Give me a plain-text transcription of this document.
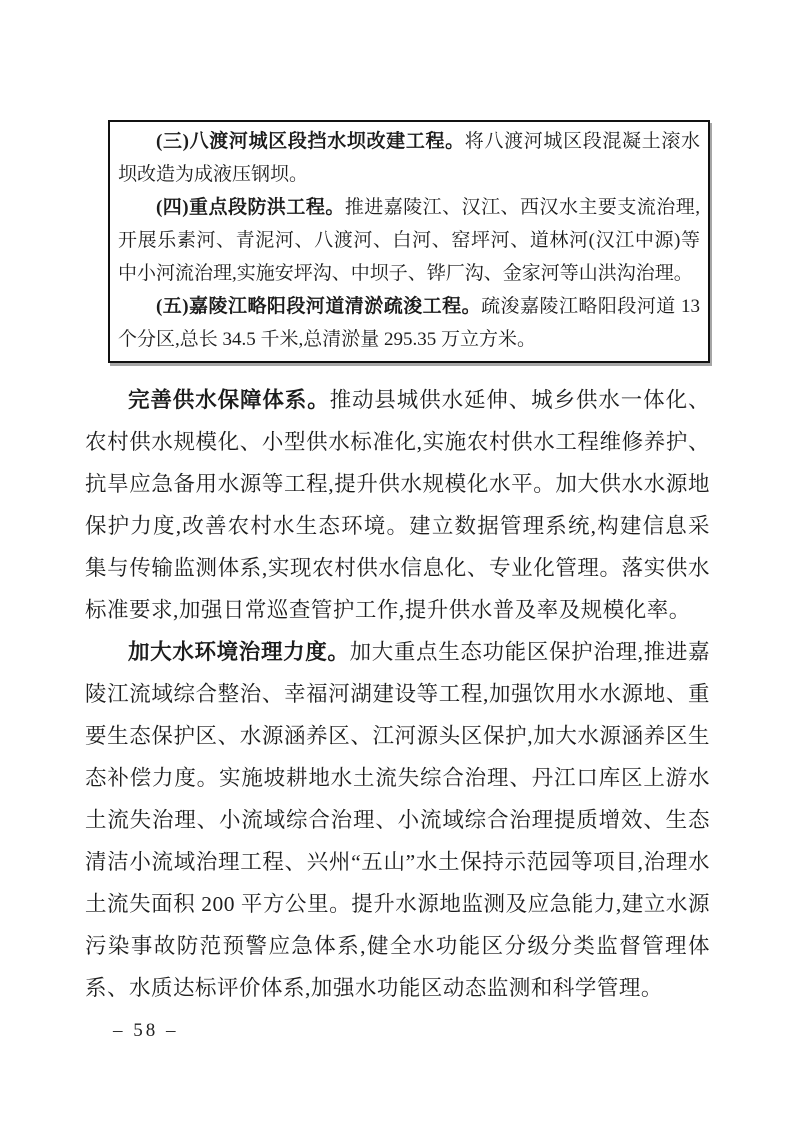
(三)八渡河城区段挡水坝改建工程。将八渡河城区段混凝土滚水坝改造为成液压钢坝。

(四)重点段防洪工程。推进嘉陵江、汉江、西汉水主要支流治理,开展乐素河、青泥河、八渡河、白河、窑坪河、道林河(汉江中源)等中小河流治理,实施安坪沟、中坝子、铧厂沟、金家河等山洪沟治理。

(五)嘉陵江略阳段河道清淤疏浚工程。疏浚嘉陵江略阳段河道 13 个分区,总长 34.5 千米,总清淤量 295.35 万立方米。

完善供水保障体系。推动县城供水延伸、城乡供水一体化、农村供水规模化、小型供水标准化,实施农村供水工程维修养护、抗旱应急备用水源等工程,提升供水规模化水平。加大供水水源地保护力度,改善农村水生态环境。建立数据管理系统,构建信息采集与传输监测体系,实现农村供水信息化、专业化管理。落实供水标准要求,加强日常巡查管护工作,提升供水普及率及规模化率。

加大水环境治理力度。加大重点生态功能区保护治理,推进嘉陵江流域综合整治、幸福河湖建设等工程,加强饮用水水源地、重要生态保护区、水源涵养区、江河源头区保护,加大水源涵养区生态补偿力度。实施坡耕地水土流失综合治理、丹江口库区上游水土流失治理、小流域综合治理、小流域综合治理提质增效、生态清洁小流域治理工程、兴州“五山”水土保持示范园等项目,治理水土流失面积 200 平方公里。提升水源地监测及应急能力,建立水源污染事故防范预警应急体系,健全水功能区分级分类监督管理体系、水质达标评价体系,加强水功能区动态监测和科学管理。

– 58 –
